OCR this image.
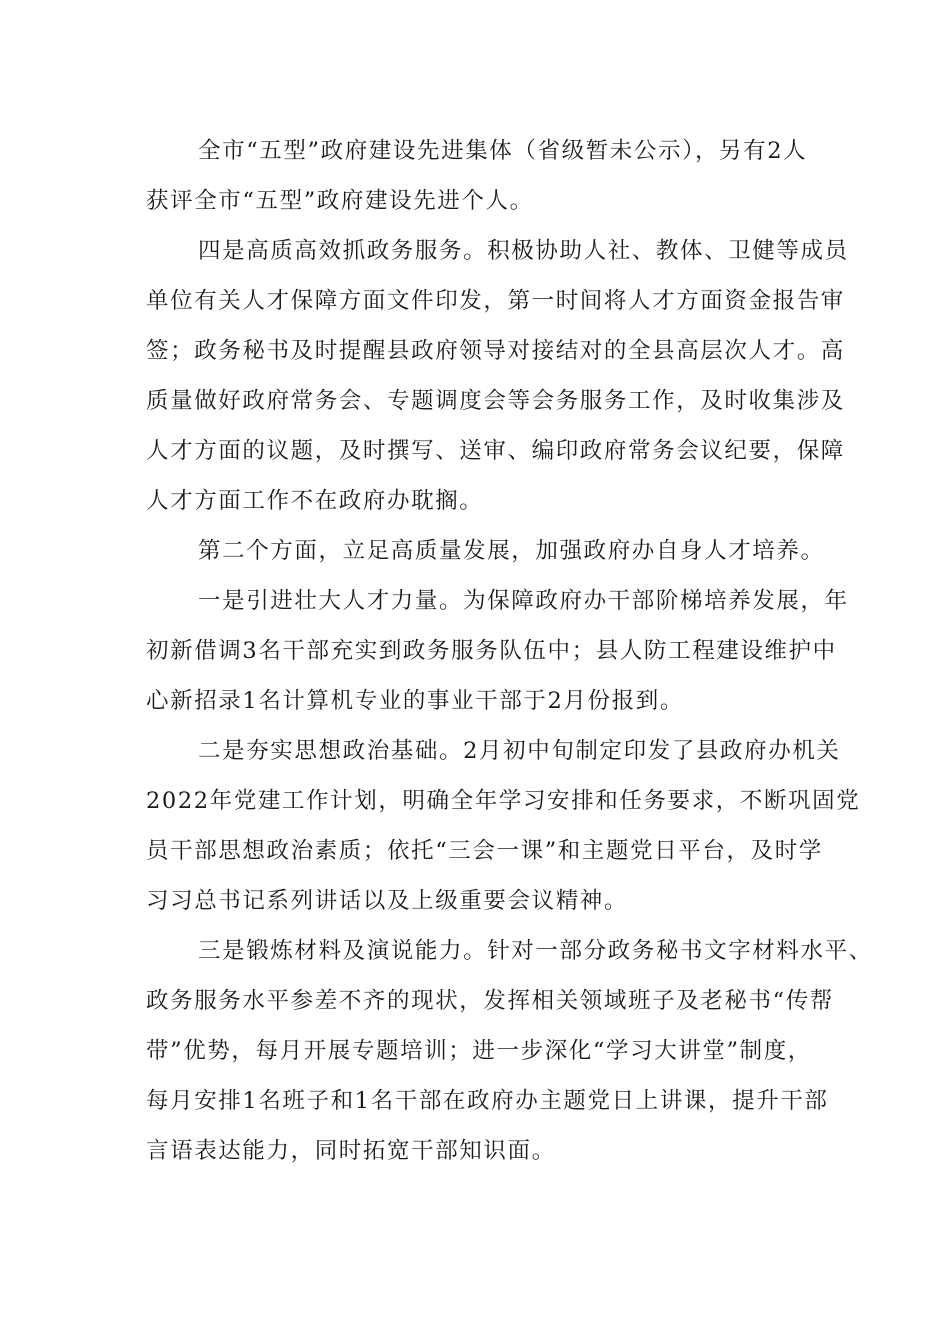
全市“五型”政府建设先进集体（省级暂未公示），另有2人
获评全市“五型”政府建设先进个人。
四是高质高效抓政务服务。积极协助人社、教体、卫健等成员
单位有关人才保障方面文件印发，第一时间将人才方面资金报告审
签；政务秘书及时提醒县政府领导对接结对的全县高层次人才。高
质量做好政府常务会、专题调度会等会务服务工作，及时收集涉及
人才方面的议题，及时撰写、送审、编印政府常务会议纪要，保障
人才方面工作不在政府办耽搁。
第二个方面，立足高质量发展，加强政府办自身人才培养。
一是引进壮大人才力量。为保障政府办干部阶梯培养发展，年
初新借调3名干部充实到政务服务队伍中；县人防工程建设维护中
心新招录1名计算机专业的事业干部于2月份报到。
二是夯实思想政治基础。2月初中旬制定印发了县政府办机关
2022年党建工作计划，明确全年学习安排和任务要求，不断巩固党
员干部思想政治素质；依托“三会一课”和主题党日平台，及时学
习习总书记系列讲话以及上级重要会议精神。
三是锻炼材料及演说能力。针对一部分政务秘书文字材料水平、
政务服务水平参差不齐的现状，发挥相关领域班子及老秘书“传帮
带”优势，每月开展专题培训；进一步深化“学习大讲堂”制度，
每月安排1名班子和1名干部在政府办主题党日上讲课，提升干部
言语表达能力，同时拓宽干部知识面。
